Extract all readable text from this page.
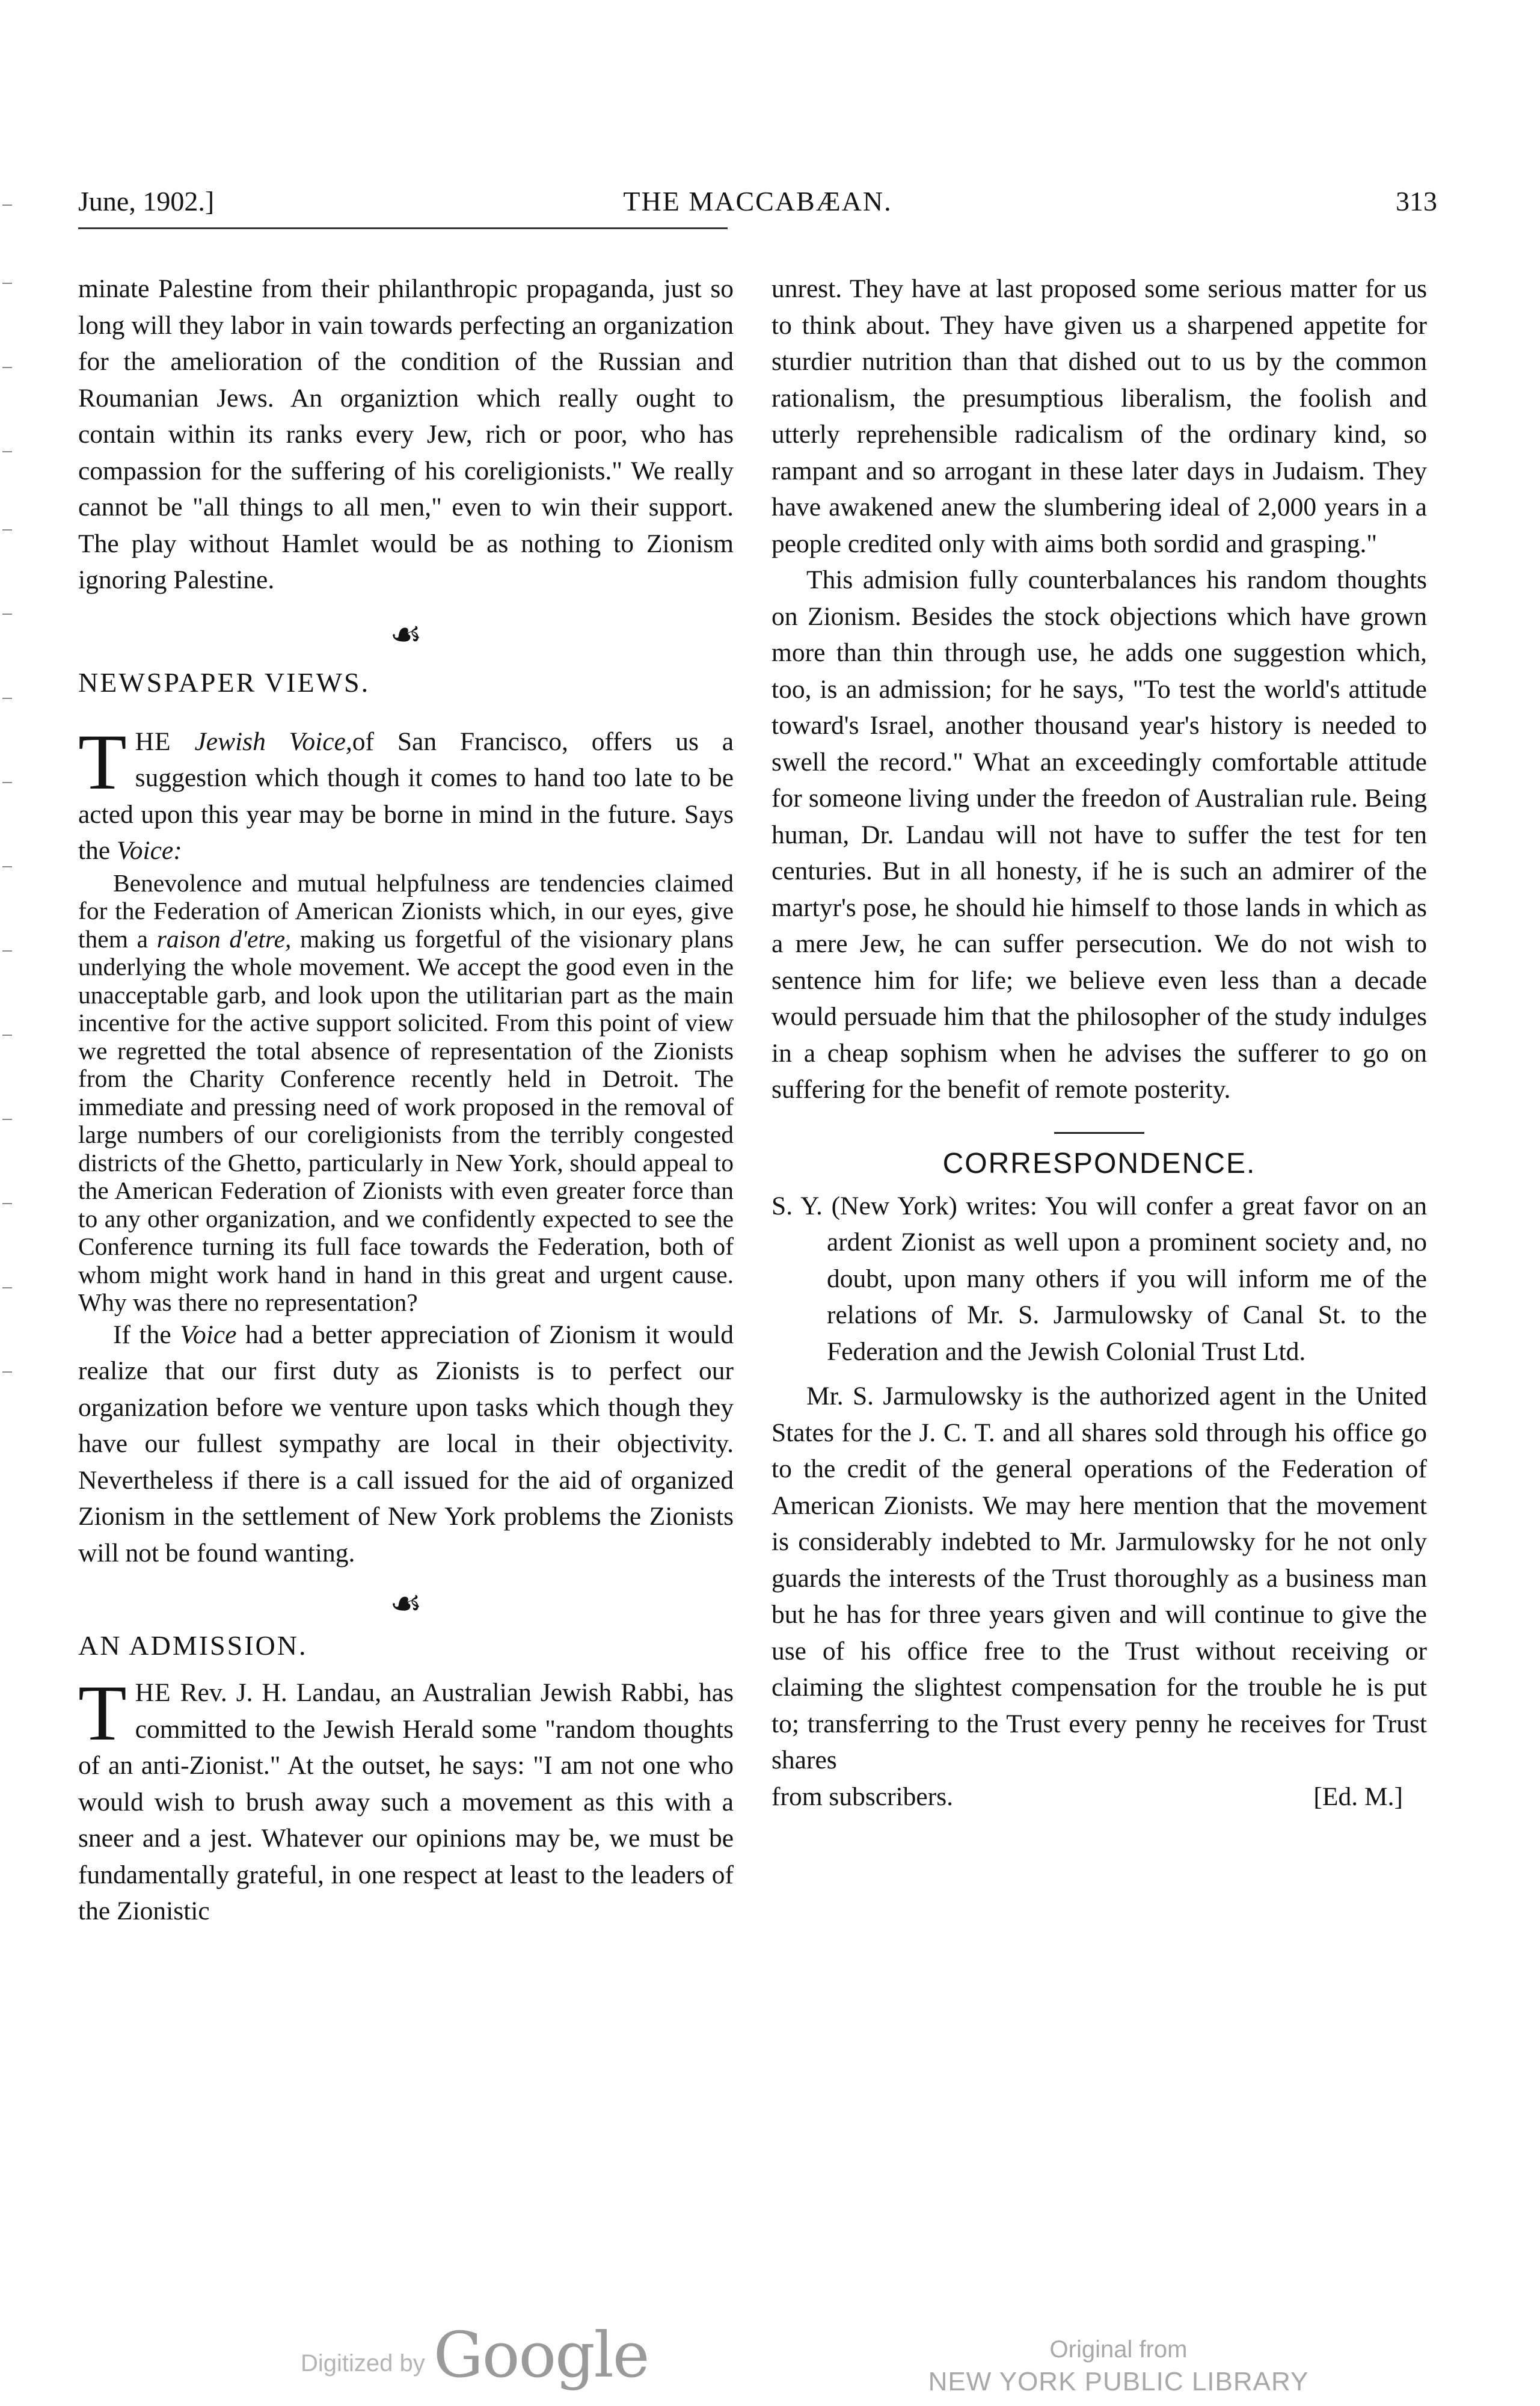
June, 1902.]	THE MACCABÆAN.	313

minate Palestine from their philanthropic propaganda, just so long will they labor in vain towards perfecting an organization for the amelioration of the condition of the Russian and Roumanian Jews. An organiztion which really ought to contain within its ranks every Jew, rich or poor, who has compassion for the suffering of his coreligionists." We really cannot be "all things to all men," even to win their support. The play without Hamlet would be as nothing to Zionism ignoring Palestine.

☙

NEWSPAPER VIEWS.

THE Jewish Voice,of San Francisco, offers us a suggestion which though it comes to hand too late to be acted upon this year may be borne in mind in the future. Says the Voice:

Benevolence and mutual helpfulness are tendencies claimed for the Federation of American Zionists which, in our eyes, give them a raison d'etre, making us forgetful of the visionary plans underlying the whole movement. We accept the good even in the unacceptable garb, and look upon the utilitarian part as the main incentive for the active support solicited. From this point of view we regretted the total absence of representation of the Zionists from the Charity Conference recently held in Detroit. The immediate and pressing need of work proposed in the removal of large numbers of our coreligionists from the terribly congested districts of the Ghetto, particularly in New York, should appeal to the American Federation of Zionists with even greater force than to any other organization, and we confidently expected to see the Conference turning its full face towards the Federation, both of whom might work hand in hand in this great and urgent cause. Why was there no representation?

If the Voice had a better appreciation of Zionism it would realize that our first duty as Zionists is to perfect our organization before we venture upon tasks which though they have our fullest sympathy are local in their objectivity. Nevertheless if there is a call issued for the aid of organized Zionism in the settlement of New York problems the Zionists will not be found wanting.

☙

AN ADMISSION.

THE Rev. J. H. Landau, an Australian Jewish Rabbi, has committed to the Jewish Herald some "random thoughts of an anti-Zionist." At the outset, he says: "I am not one who would wish to brush away such a movement as this with a sneer and a jest. Whatever our opinions may be, we must be fundamentally grateful, in one respect at least to the leaders of the Zionistic

unrest. They have at last proposed some serious matter for us to think about. They have given us a sharpened appetite for sturdier nutrition than that dished out to us by the common rationalism, the presumptious liberalism, the foolish and utterly reprehensible radicalism of the ordinary kind, so rampant and so arrogant in these later days in Judaism. They have awakened anew the slumbering ideal of 2,000 years in a people credited only with aims both sordid and grasping."

This admision fully counterbalances his random thoughts on Zionism. Besides the stock objections which have grown more than thin through use, he adds one suggestion which, too, is an admission; for he says, "To test the world's attitude toward's Israel, another thousand year's history is needed to swell the record." What an exceedingly comfortable attitude for someone living under the freedon of Australian rule. Being human, Dr. Landau will not have to suffer the test for ten centuries. But in all honesty, if he is such an admirer of the martyr's pose, he should hie himself to those lands in which as a mere Jew, he can suffer persecution. We do not wish to sentence him for life; we believe even less than a decade would persuade him that the philosopher of the study indulges in a cheap sophism when he advises the sufferer to go on suffering for the benefit of remote posterity.

CORRESPONDENCE.

S. Y. (New York) writes: You will confer a great favor on an ardent Zionist as well upon a prominent society and, no doubt, upon many others if you will inform me of the relations of Mr. S. Jarmulowsky of Canal St. to the Federation and the Jewish Colonial Trust Ltd.

Mr. S. Jarmulowsky is the authorized agent in the United States for the J. C. T. and all shares sold through his office go to the credit of the general operations of the Federation of American Zionists. We may here mention that the movement is considerably indebted to Mr. Jarmulowsky for he not only guards the interests of the Trust thoroughly as a business man but he has for three years given and will continue to give the use of his office free to the Trust without receiving or claiming the slightest compensation for the trouble he is put to; transferring to the Trust every penny he receives for Trust shares

from subscribers.	[Ed. M.]
Digitized by Google	Original from
NEW YORK PUBLIC LIBRARY
